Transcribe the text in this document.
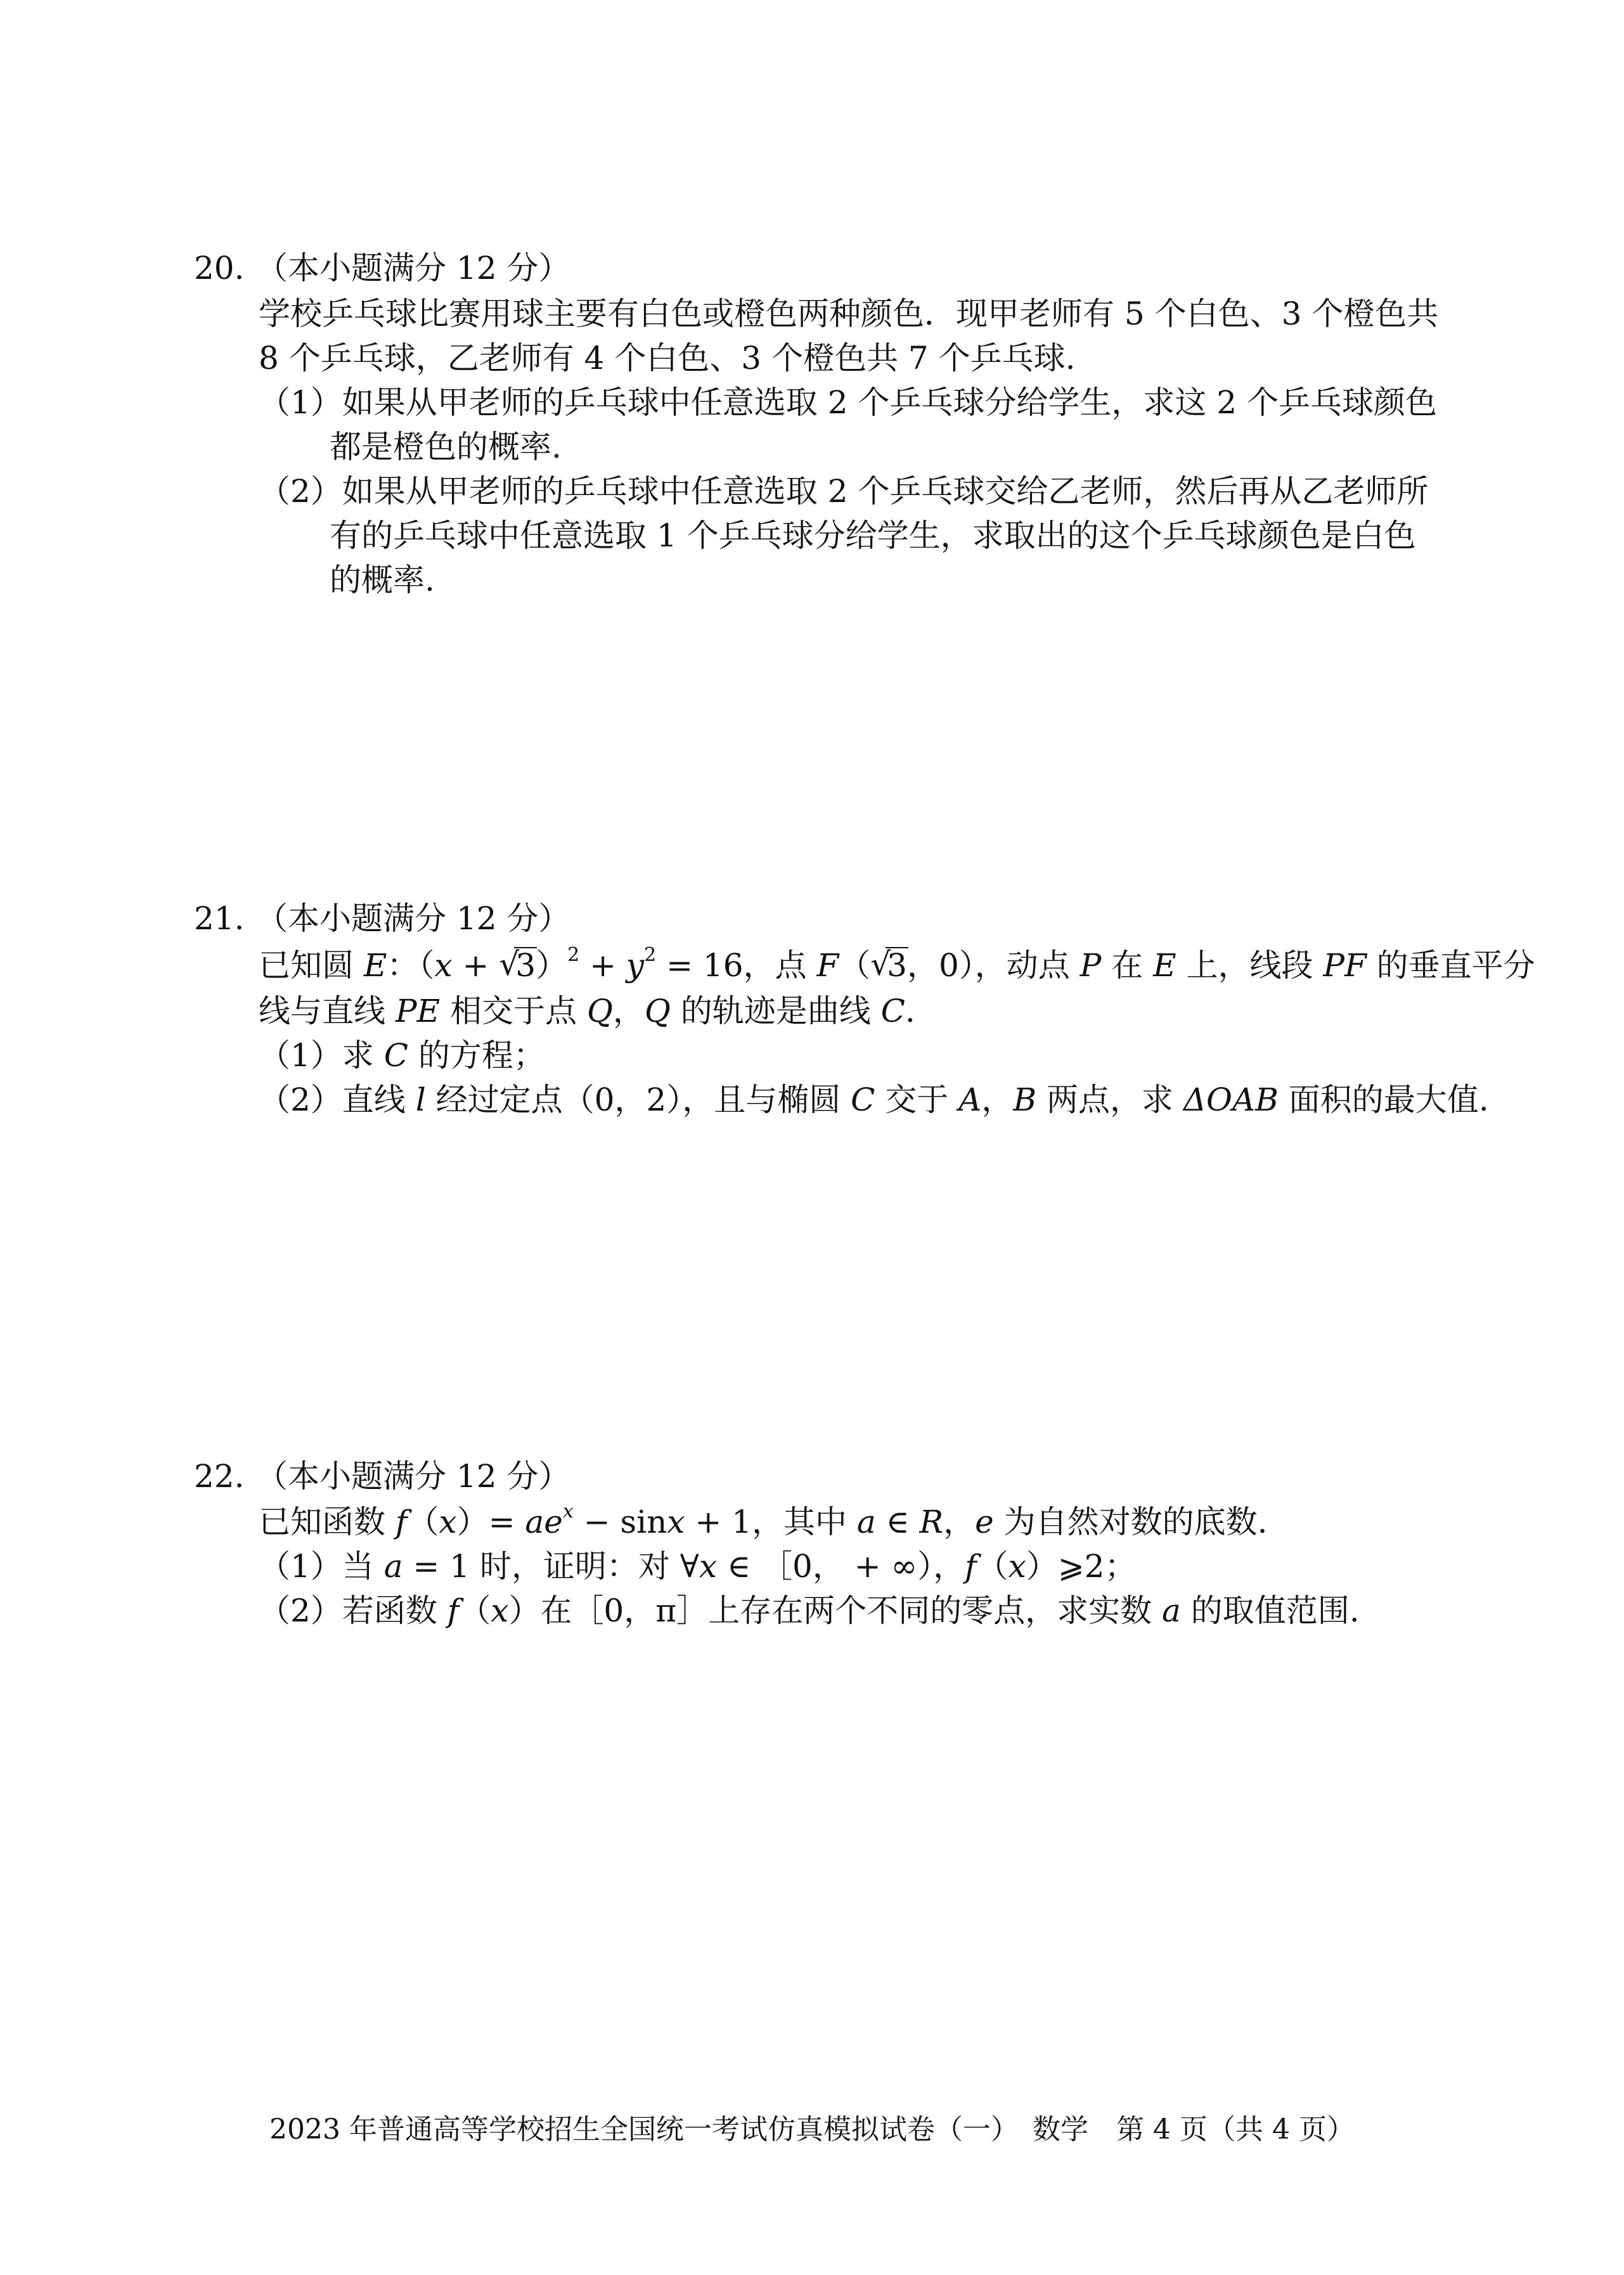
20. （本小题满分 12 分）
学校乒乓球比赛用球主要有白色或橙色两种颜色．现甲老师有 5 个白色、3 个橙色共
8 个乒乓球，乙老师有 4 个白色、3 个橙色共 7 个乒乓球.
（1）如果从甲老师的乒乓球中任意选取 2 个乒乓球分给学生，求这 2 个乒乓球颜色
都是橙色的概率.
（2）如果从甲老师的乒乓球中任意选取 2 个乒乓球交给乙老师，然后再从乙老师所
有的乒乓球中任意选取 1 个乒乓球分给学生，求取出的这个乒乓球颜色是白色
的概率.
21. （本小题满分 12 分）
已知圆 E：（x + √ $3)^2 + y^2 = 16$，点 F（√ 3，0），动点 P 在 E 上，线段 PF 的垂直平分
线与直线 PE 相交于点 Q，Q 的轨迹是曲线 C.
（1）求 C 的方程；
（2）直线 l 经过定点（0，2），且与椭圆 C 交于 A，B 两点，求 ΔOAB 面积的最大值.
22. （本小题满分 12 分）
已知函数 $f(x)= ae^x - \sin x + 1$，其中 a ∈ R，e 为自然对数的底数.
（1）当 a = 1 时，证明：对 ∀x ∈ ［0， + ∞），f（x）⩾2；
（2）若函数 f（x）在［0，π］上存在两个不同的零点，求实数 a 的取值范围.
2023 年普通高等学校招生全国统一考试仿真模拟试卷（一）　数学　第 4 页（共 4 页）
